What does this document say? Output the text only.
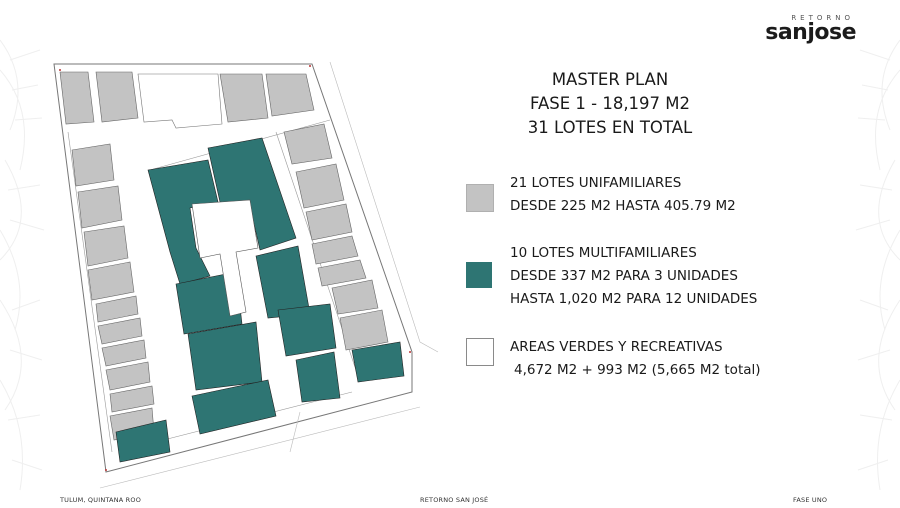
RETORNO
sanjose
MASTER PLAN
FASE 1 - 18,197 M2
31 LOTES EN TOTAL
21 LOTES UNIFAMILIARES
DESDE 225 M2 HASTA 405.79 M2
10 LOTES MULTIFAMILIARES
DESDE 337 M2 PARA 3 UNIDADES
HASTA 1,020 M2 PARA 12 UNIDADES
AREAS VERDES Y RECREATIVAS
4,672 M2 + 993 M2 (5,665 M2 total)
TULUM, QUINTANA ROO	RETORNO SAN JOSÉ	FASE UNO
